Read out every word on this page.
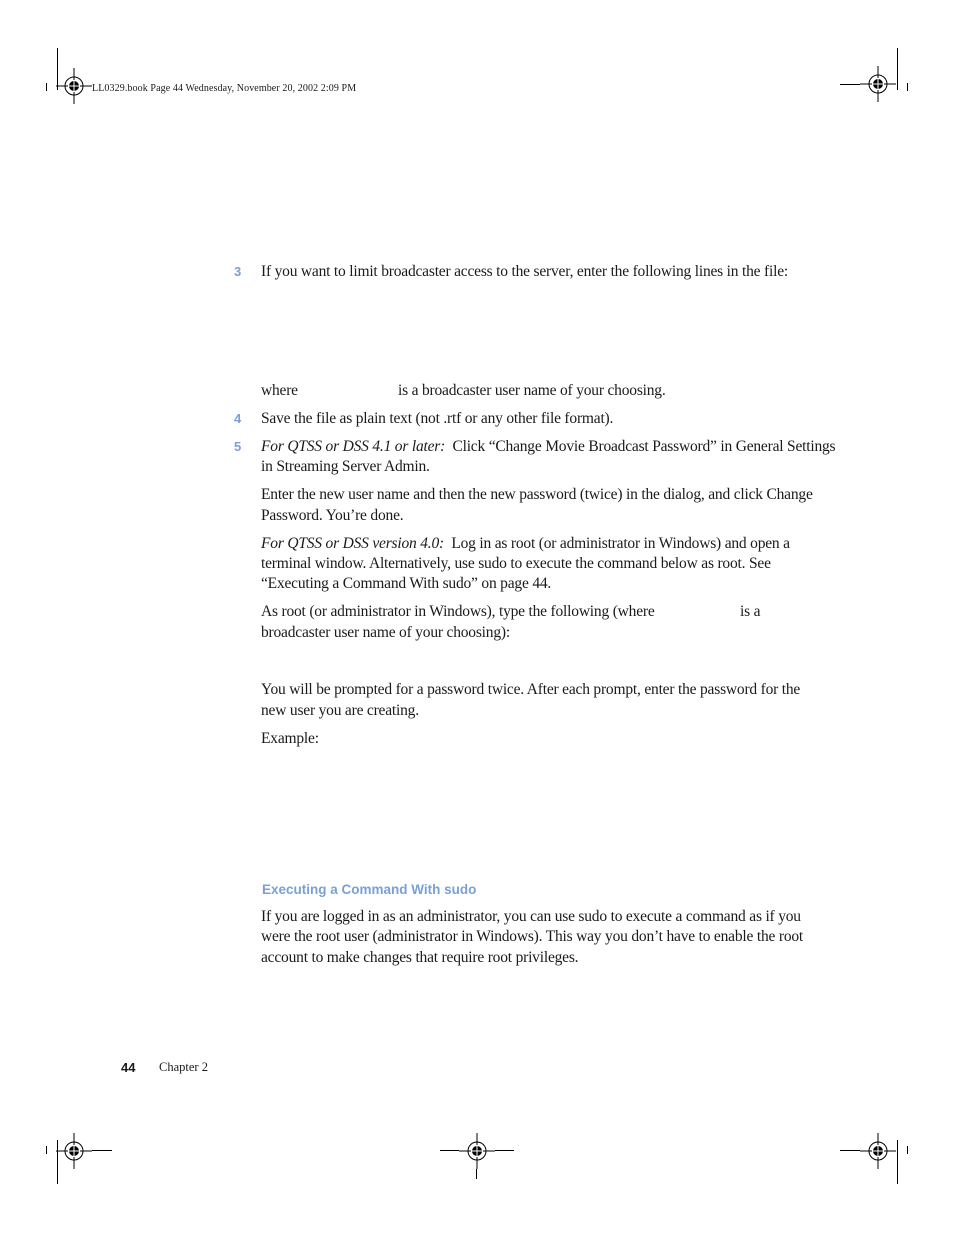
LL0329.book Page 44 Wednesday, November 20, 2002 2:09 PM
3 If you want to limit broadcaster access to the server, enter the following lines in the file:
where	is a broadcaster user name of your choosing.
4 Save the file as plain text (not .rtf or any other file format).
5 For QTSS or DSS 4.1 or later: Click “Change Movie Broadcast Password” in General Settings
in Streaming Server Admin.
Enter the new user name and then the new password (twice) in the dialog, and click Change
Password. You’re done.
For QTSS or DSS version 4.0: Log in as root (or administrator in Windows) and open a
terminal window. Alternatively, use sudo to execute the command below as root. See
“Executing a Command With sudo” on page 44.
As root (or administrator in Windows), type the following (where	is a
broadcaster user name of your choosing):
You will be prompted for a password twice. After each prompt, enter the password for the
new user you are creating.
Example:
Executing a Command With sudo
If you are logged in as an administrator, you can use sudo to execute a command as if you
were the root user (administrator in Windows). This way you don’t have to enable the root
account to make changes that require root privileges.
44 Chapter 2
